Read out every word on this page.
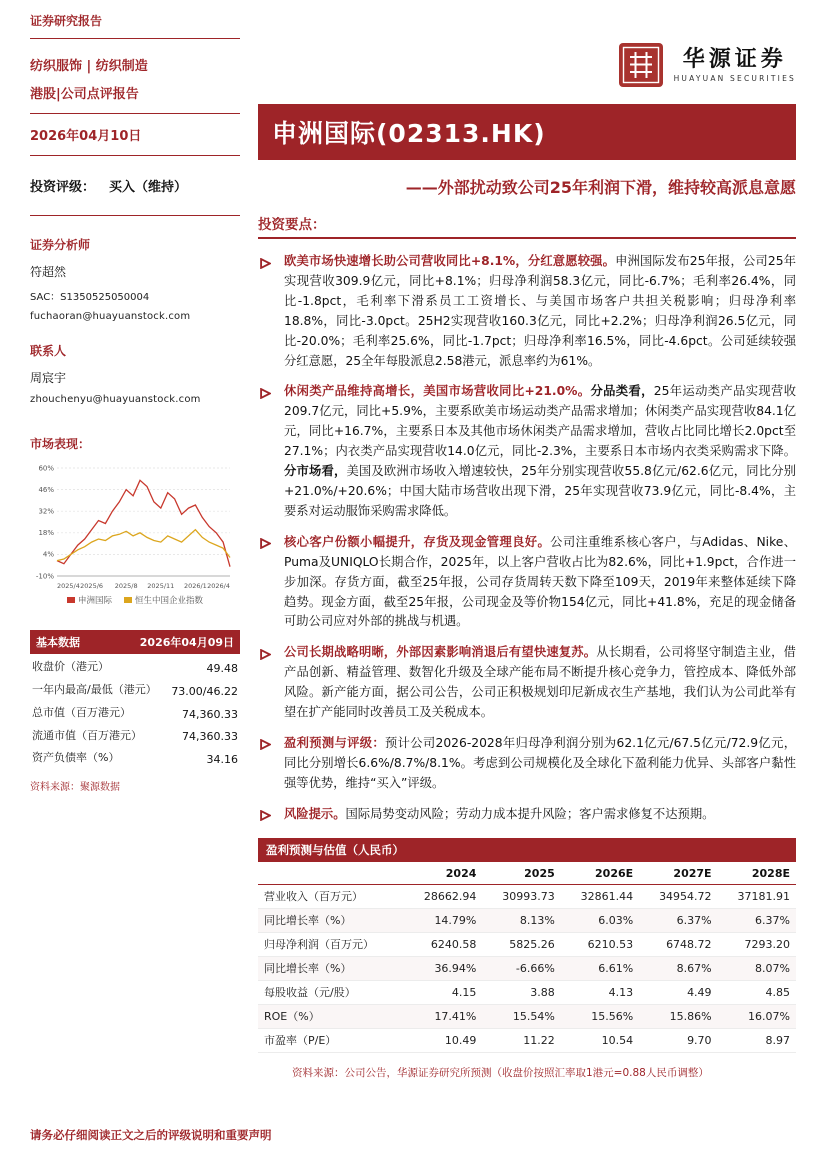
证券研究报告
纺织服饰 | 纺织制造
港股|公司点评报告
2026年04月10日
投资评级： 买入（维持）
证券分析师
符超然
SAC：S1350525050004
fuchaoran@huayuanstock.com
联系人
周宸宇
zhouchenyu@huayuanstock.com
市场表现：
60%
46%
32%
18%
4%
-10%
2025/4 2025/6 2025/8 2025/11 2026/1 2026/4
申洲国际	恒生中国企业指数
基本数据	2026年04月09日
收盘价（港元）	49.48
一年内最高/最低（港元） 73.00/46.22
总市值（百万港元）	74,360.33
流通市值（百万港元）	74,360.33
资产负债率（%）	34.16
资料来源：聚源数据
华源证券
HUAYUAN SECURITIES
申洲国际(02313.HK)
——外部扰动致公司25年利润下滑，维持较高派息意愿
投资要点：
欧美市场快速增长助公司营收同比+8.1%，分红意愿较强。申洲国际发布25年报，公司25年实现营收309.9亿元，同比+8.1%；归母净利润58.3亿元，同比-6.7%；毛利率26.4%，同比-1.8pct，毛利率下滑系员工工资增长、与美国市场客户共担关税影响；归母净利率18.8%，同比-3.0pct。25H2实现营收160.3亿元，同比+2.2%；归母净利润26.5亿元，同比-20.0%；毛利率25.6%，同比-1.7pct；归母净利率16.5%，同比-4.6pct。公司延续较强分红意愿，25全年每股派息2.58港元，派息率约为61%。
休闲类产品维持高增长，美国市场营收同比+21.0%。分品类看，25年运动类产品实现营收209.7亿元，同比+5.9%，主要系欧美市场运动类产品需求增加；休闲类产品实现营收84.1亿元，同比+16.7%，主要系日本及其他市场休闲类产品需求增加，营收占比同比增长2.0pct至27.1%；内衣类产品实现营收14.0亿元，同比-2.3%，主要系日本市场内衣类采购需求下降。分市场看，美国及欧洲市场收入增速较快，25年分别实现营收55.8亿元/62.6亿元，同比分别+21.0%/+20.6%；中国大陆市场营收出现下滑，25年实现营收73.9亿元，同比-8.4%，主要系对运动服饰采购需求降低。
核心客户份额小幅提升，存货及现金管理良好。公司注重维系核心客户，与Adidas、Nike、Puma及UNIQLO长期合作，2025年，以上客户营收占比为82.6%，同比+1.9pct，合作进一步加深。存货方面，截至25年报，公司存货周转天数下降至109天，2019年来整体延续下降趋势。现金方面，截至25年报，公司现金及等价物154亿元，同比+41.8%，充足的现金储备可助公司应对外部的挑战与机遇。
公司长期战略明晰，外部因素影响消退后有望快速复苏。从长期看，公司将坚守制造主业，借产品创新、精益管理、数智化升级及全球产能布局不断提升核心竞争力，管控成本、降低外部风险。新产能方面，据公司公告，公司正积极规划印尼新成衣生产基地，我们认为公司此举有望在扩产能同时改善员工及关税成本。
盈利预测与评级：预计公司2026-2028年归母净利润分别为62.1亿元/67.5亿元/72.9亿元，同比分别增长6.6%/8.7%/8.1%。考虑到公司规模化及全球化下盈利能力优异、头部客户黏性强等优势，维持“买入”评级。
风险提示。国际局势变动风险；劳动力成本提升风险；客户需求修复不达预期。
盈利预测与估值（人民币）
	2024	2025	2026E	2027E	2028E
营业收入（百万元）	28662.94	30993.73	32861.44	34954.72	37181.91
同比增长率（%）	14.79%	8.13%	6.03%	6.37%	6.37%
归母净利润（百万元）	6240.58	5825.26	6210.53	6748.72	7293.20
同比增长率（%）	36.94%	-6.66%	6.61%	8.67%	8.07%
每股收益（元/股）	4.15	3.88	4.13	4.49	4.85
ROE（%）	17.41%	15.54%	15.56%	15.86%	16.07%
市盈率（P/E）	10.49	11.22	10.54	9.70	8.97
资料来源：公司公告，华源证券研究所预测（收盘价按照汇率取1港元=0.88人民币调整）
请务必仔细阅读正文之后的评级说明和重要声明
